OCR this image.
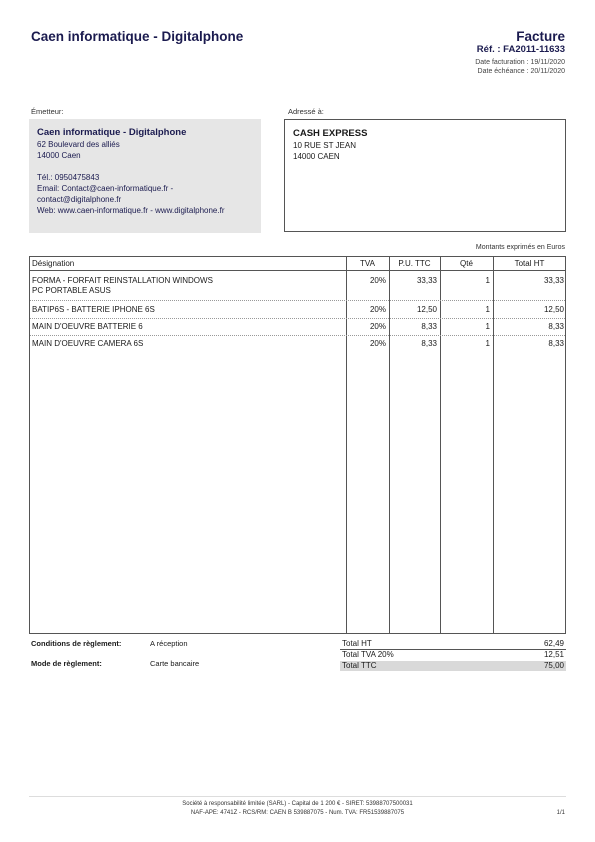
Caen informatique - Digitalphone	Facture
Réf. : FA2011-11633
Date facturation : 19/11/2020
Date échéance : 20/11/2020
Émetteur:	Adressé à:
Caen informatique - Digitalphone
62 Boulevard des alliés
14000 Caen
Tél.: 0950475843
Email: Contact@caen-informatique.fr -
contact@digitalphone.fr
Web: www.caen-informatique.fr - www.digitalphone.fr
CASH EXPRESS
10 RUE ST JEAN
14000 CAEN
Montants exprimés en Euros
Désignation	TVA	P.U. TTC	Qté	Total HT
FORMA - FORFAIT REINSTALLATION WINDOWS
PC PORTABLE ASUS
20%	33,33	1	33,33
BATIP6S - BATTERIE IPHONE 6S	20%	12,50	1	12,50
MAIN D'OEUVRE BATTERIE 6	20%	8,33	1	8,33
MAIN D'OEUVRE CAMERA 6S	20%	8,33	1	8,33
Conditions de règlement:	A réception
Mode de règlement:	Carte bancaire
Total HT	62,49
Total TVA 20%	12,51
Total TTC	75,00
Société à responsabilité limitée (SARL) - Capital de 1 200 € - SIRET: 53988707500031
NAF-APE: 4741Z - RCS/RM: CAEN B 539887075 - Num. TVA: FR51539887075	1/1
